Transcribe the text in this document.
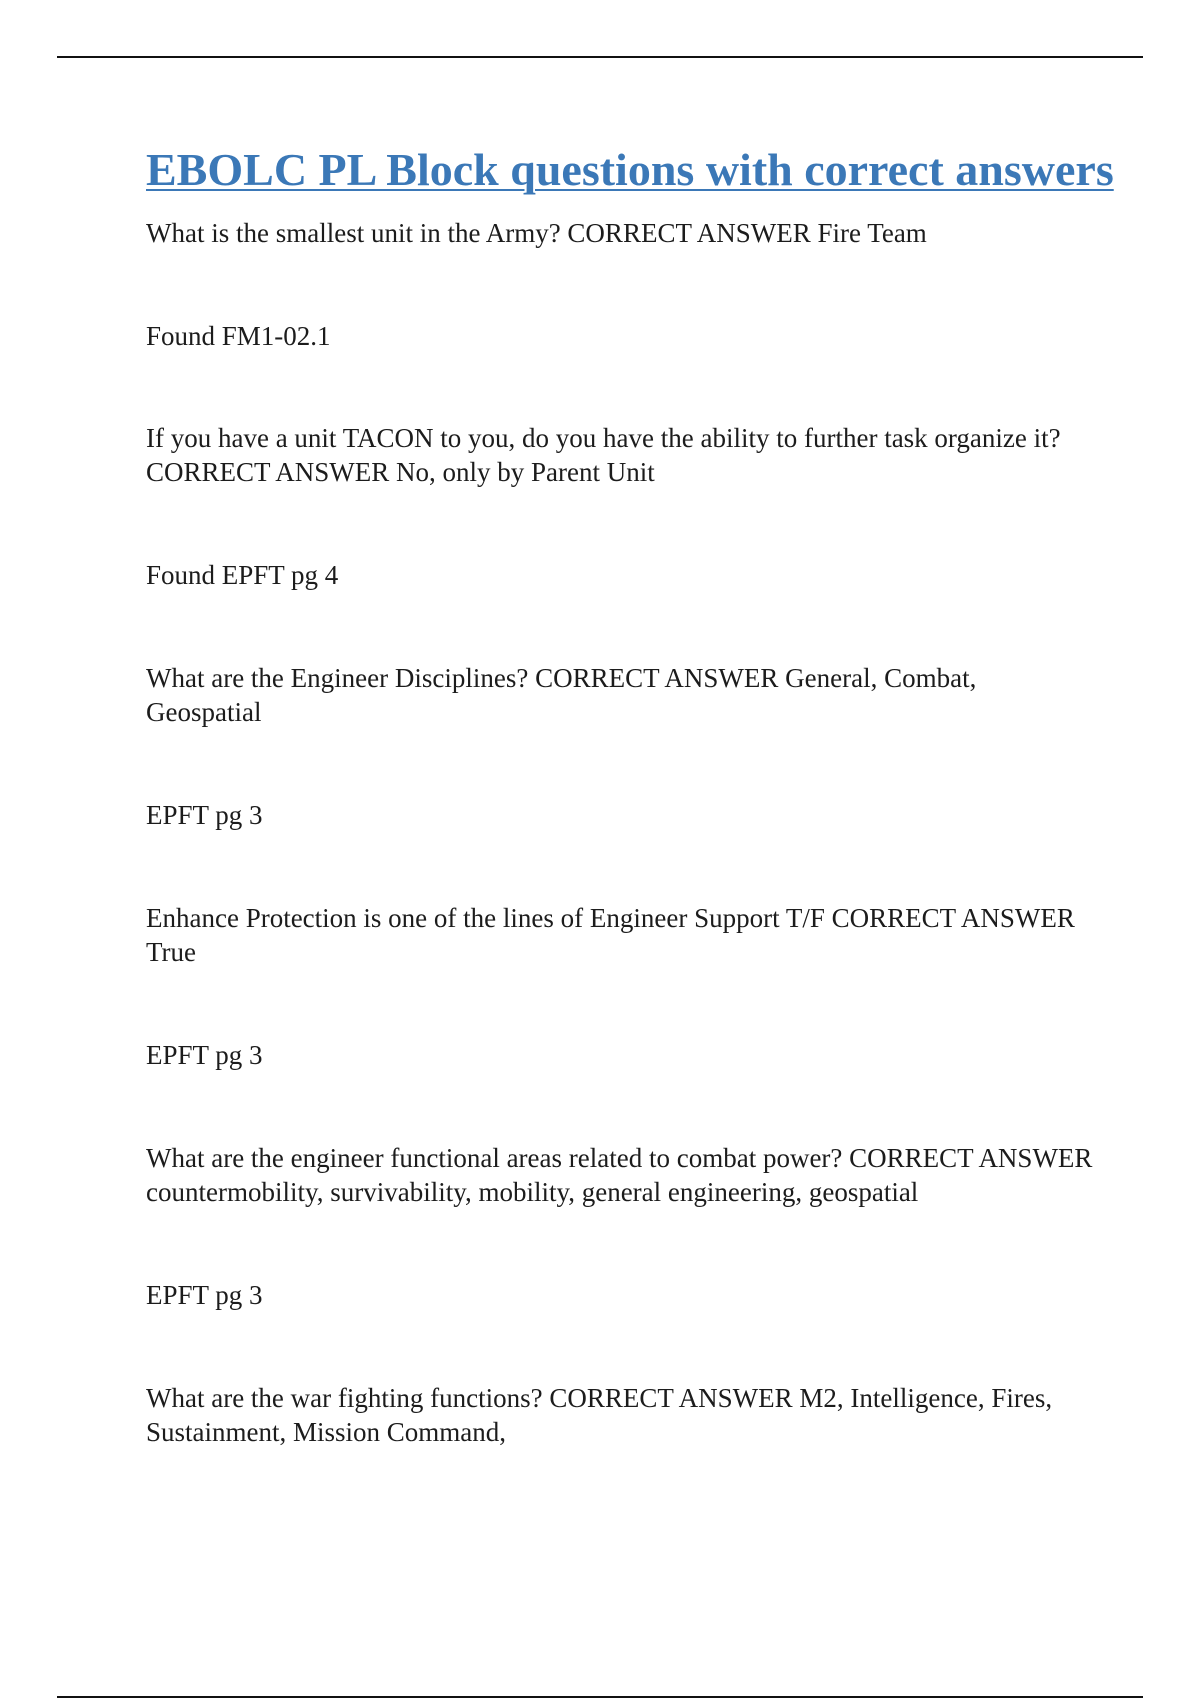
EBOLC PL Block questions with correct answers

What is the smallest unit in the Army? CORRECT ANSWER Fire Team

Found FM1-02.1

If you have a unit TACON to you, do you have the ability to further task organize it? CORRECT ANSWER No, only by Parent Unit

Found EPFT pg 4

What are the Engineer Disciplines? CORRECT ANSWER General, Combat, Geospatial

EPFT pg 3

Enhance Protection is one of the lines of Engineer Support T/F CORRECT ANSWER True

EPFT pg 3

What are the engineer functional areas related to combat power? CORRECT ANSWER countermobility, survivability, mobility, general engineering, geospatial

EPFT pg 3

What are the war fighting functions? CORRECT ANSWER M2, Intelligence, Fires, Sustainment, Mission Command,
